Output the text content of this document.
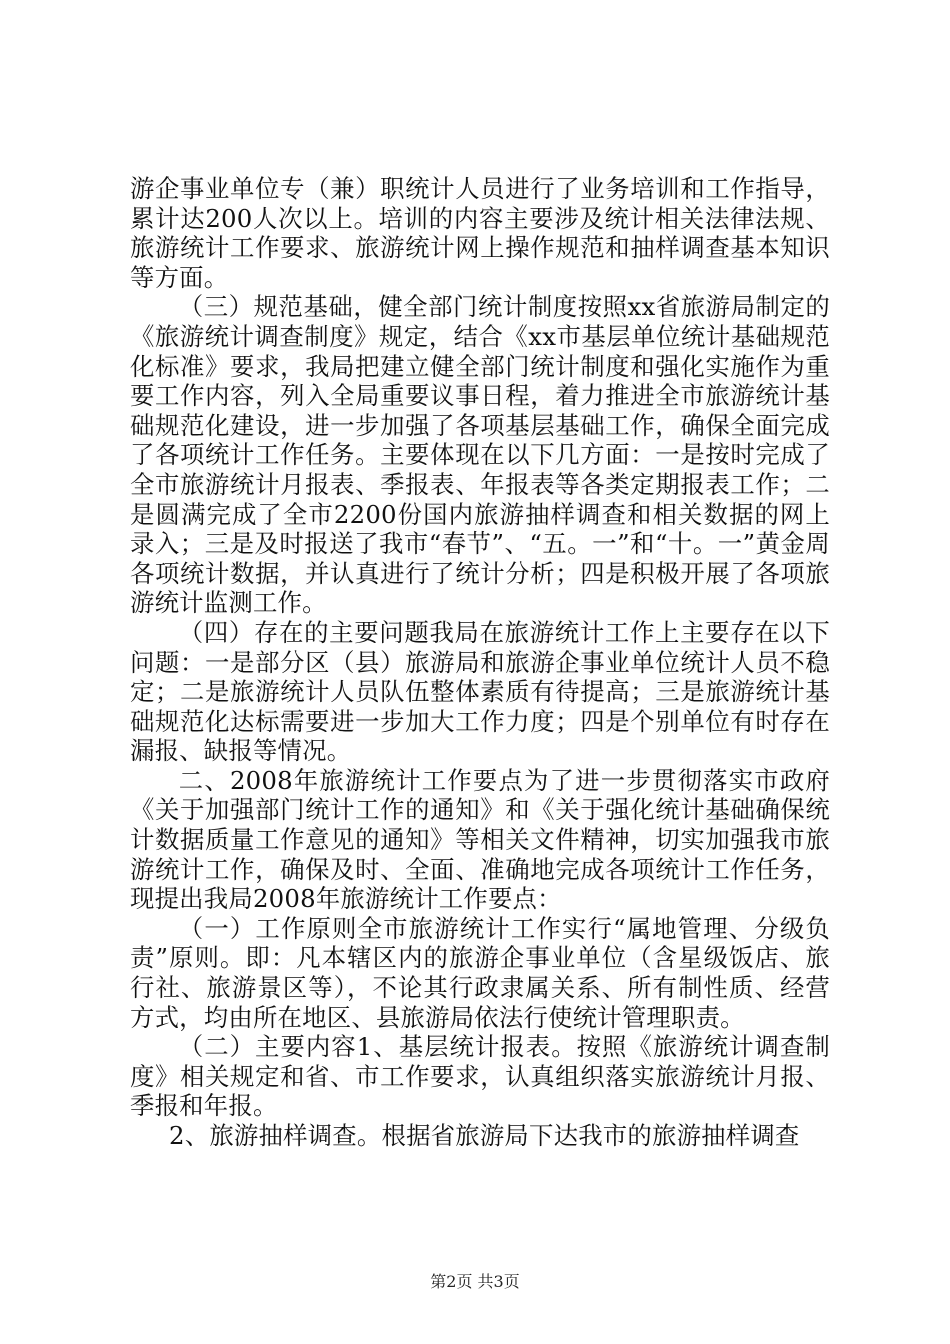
游企事业单位专（兼）职统计人员进行了业务培训和工作指导，累计达200人次以上。培训的内容主要涉及统计相关法律法规、旅游统计工作要求、旅游统计网上操作规范和抽样调查基本知识等方面。

（三）规范基础，健全部门统计制度按照xx省旅游局制定的《旅游统计调查制度》规定，结合《xx市基层单位统计基础规范化标准》要求，我局把建立健全部门统计制度和强化实施作为重要工作内容，列入全局重要议事日程，着力推进全市旅游统计基础规范化建设，进一步加强了各项基层基础工作，确保全面完成了各项统计工作任务。主要体现在以下几方面：一是按时完成了全市旅游统计月报表、季报表、年报表等各类定期报表工作；二是圆满完成了全市2200份国内旅游抽样调查和相关数据的网上录入；三是及时报送了我市“春节”、“五。一”和“十。一”黄金周各项统计数据，并认真进行了统计分析；四是积极开展了各项旅游统计监测工作。

（四）存在的主要问题我局在旅游统计工作上主要存在以下问题：一是部分区（县）旅游局和旅游企事业单位统计人员不稳定；二是旅游统计人员队伍整体素质有待提高；三是旅游统计基础规范化达标需要进一步加大工作力度；四是个别单位有时存在漏报、缺报等情况。

二、2008年旅游统计工作要点为了进一步贯彻落实市政府《关于加强部门统计工作的通知》和《关于强化统计基础确保统计数据质量工作意见的通知》等相关文件精神，切实加强我市旅游统计工作，确保及时、全面、准确地完成各项统计工作任务，现提出我局2008年旅游统计工作要点：

（一）工作原则全市旅游统计工作实行“属地管理、分级负责”原则。即：凡本辖区内的旅游企事业单位（含星级饭店、旅行社、旅游景区等），不论其行政隶属关系、所有制性质、经营方式，均由所在地区、县旅游局依法行使统计管理职责。

（二）主要内容1、基层统计报表。按照《旅游统计调查制度》相关规定和省、市工作要求，认真组织落实旅游统计月报、季报和年报。

2、旅游抽样调查。根据省旅游局下达我市的旅游抽样调查

第2页 共3页
